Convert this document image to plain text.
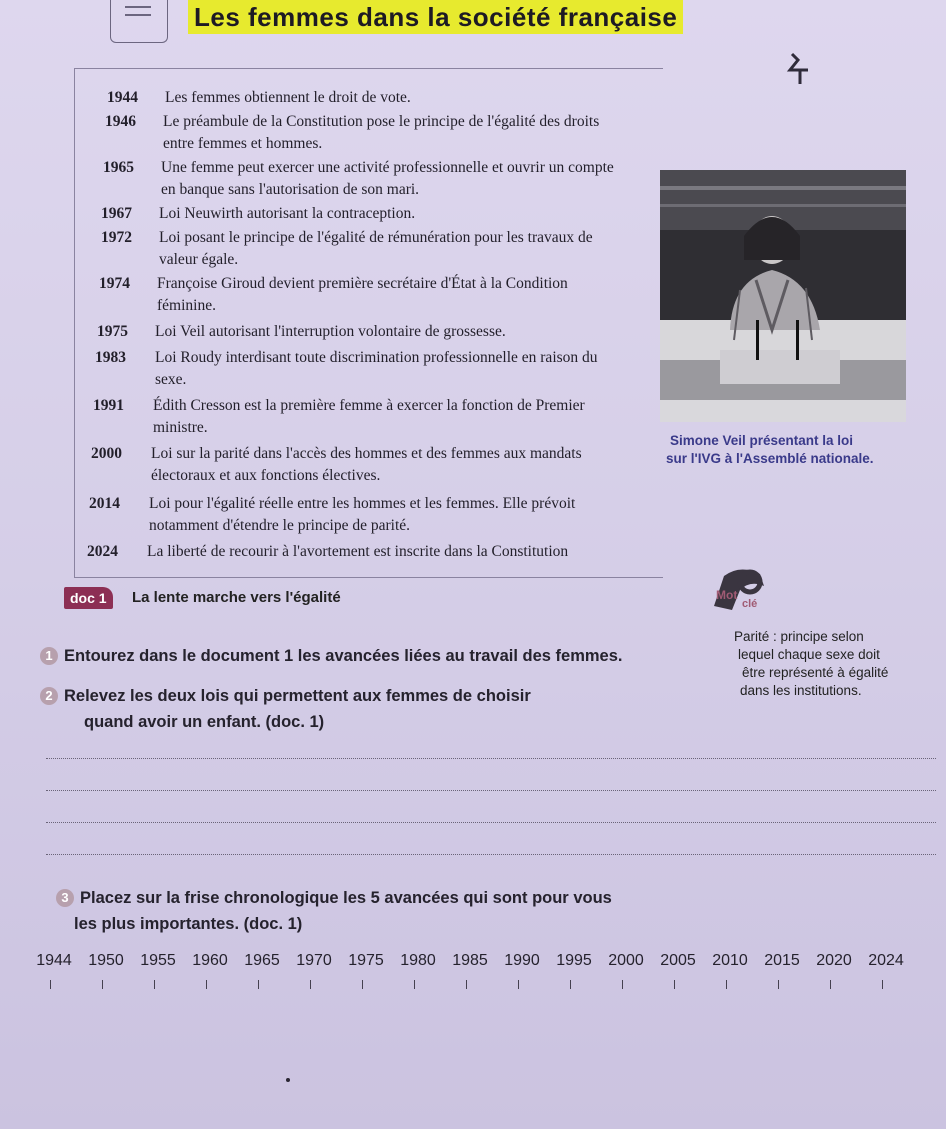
Les femmes dans la société française
1944	Les femmes obtiennent le droit de vote.
1946	Le préambule de la Constitution pose le principe de l'égalité des droits entre femmes et hommes.
1965	Une femme peut exercer une activité professionnelle et ouvrir un compte en banque sans l'autorisation de son mari.
1967	Loi Neuwirth autorisant la contraception.
1972	Loi posant le principe de l'égalité de rémunération pour les travaux de valeur égale.
1974	Françoise Giroud devient première secrétaire d'État à la Condition féminine.
1975	Loi Veil autorisant l'interruption volontaire de grossesse.
1983	Loi Roudy interdisant toute discrimination professionnelle en raison du sexe.
1991	Édith Cresson est la première femme à exercer la fonction de Premier ministre.
2000	Loi sur la parité dans l'accès des hommes et des femmes aux mandats électoraux et aux fonctions électives.
2014	Loi pour l'égalité réelle entre les hommes et les femmes. Elle prévoit notamment d'étendre le principe de parité.
2024	La liberté de recourir à l'avortement est inscrite dans la Constitution
Simone Veil présentant la loi
sur l'IVG à l'Assemblé nationale.
doc 1	La lente marche vers l'égalité	Mot
clé
Parité : principe selon
lequel chaque sexe doit
être représenté à égalité
dans les institutions.
1 Entourez dans le document 1 les avancées liées au travail des femmes.
2 Relevez les deux lois qui permettent aux femmes de choisir
quand avoir un enfant. (doc. 1)
3 Placez sur la frise chronologique les 5 avancées qui sont pour vous
les plus importantes. (doc. 1)
1944	1950	1955	1960	1965	1970	1975	1980	1985	1990	1995	2000	2005	2010	2015	2020	2024
